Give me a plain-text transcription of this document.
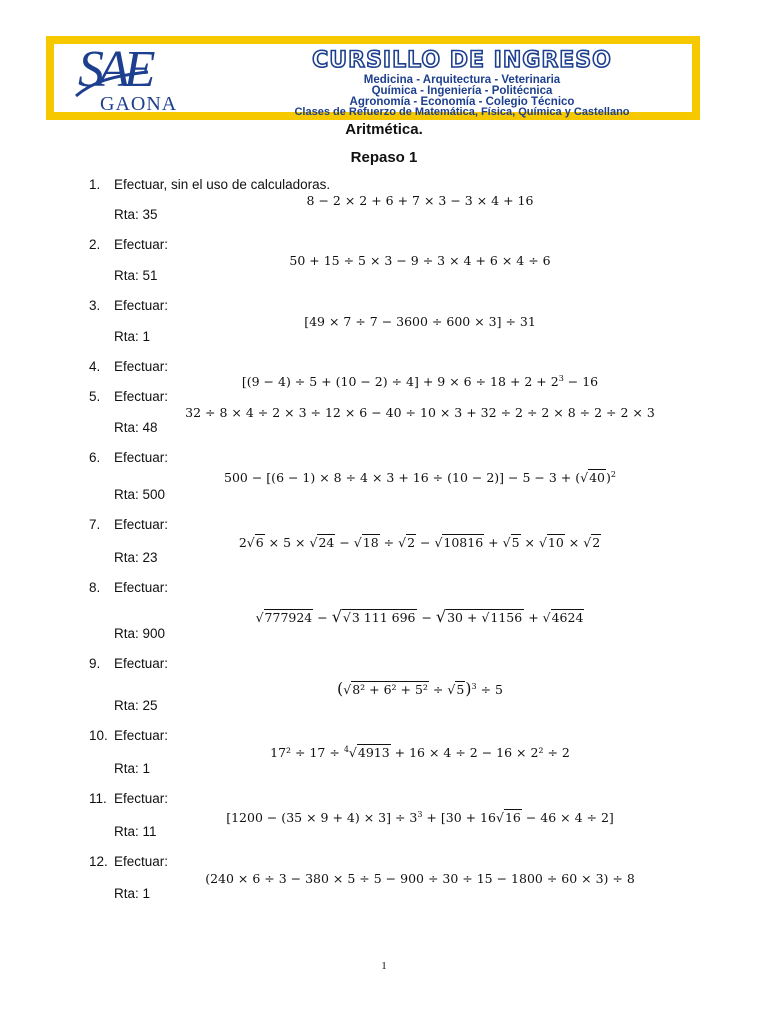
SAE
GAONA
CURSILLO DE INGRESO
Medicina - Arquitectura - Veterinaria
Química - Ingeniería - Politécnica
Agronomía - Economía - Colegio Técnico
Clases de Refuerzo de Matemática, Física, Química y Castellano
Aritmética.
Repaso 1
1.	Efectuar, sin el uso de calculadoras.
8 − 2 × 2 + 6 + 7 × 3 − 3 × 4 + 16
Rta: 35
2.	Efectuar:
50 + 15 ÷ 5 × 3 − 9 ÷ 3 × 4 + 6 × 4 ÷ 6
Rta: 51
3.	Efectuar:
[49 × 7 ÷ 7 − 3600 ÷ 600 × 3] ÷ 31
Rta: 1
4.	Efectuar:
$[(9 - 4) \div 5 + (10 - 2) \div 4] + 9 \times 6 \div 18 + 2 + 2^3 - 16$
5.	Efectuar:
32 ÷ 8 × 4 ÷ 2 × 3 ÷ 12 × 6 − 40 ÷ 10 × 3 + 32 ÷ 2 ÷ 2 × 8 ÷ 2 ÷ 2 × 3
Rta: 48
6.	Efectuar:
$500 - [(6 - 1) \times 8 \div 4 \times 3 + 16 \div (10 - 2)] - 5 - 3 + (√40)^2$
Rta: 500
7.	Efectuar:
2√6 × 5 × √24 − √18 ÷ √2 − √10816 + √5 × √10 × √2
Rta: 23
8.	Efectuar:
√777924 − √√3 111 696 − √30 + √1156 + √4624
Rta: 900
9.	Efectuar:
$(√8^2 + 6^2 + 5^2 \div √5)^3 \div 5$
Rta: 25
10. Efectuar:
17² ÷ 17 ÷ $^4$√4913 + 16 × 4 ÷ 2 − 16 × 2² ÷ 2
Rta: 1
11. Efectuar:
$[1200 - (35 \times 9 + 4) \times 3] \div 3^3 + [30 + 16√16 - 46 \times 4 \div 2]$
Rta: 11
12. Efectuar:
(240 × 6 ÷ 3 − 380 × 5 ÷ 5 − 900 ÷ 30 ÷ 15 − 1800 ÷ 60 × 3) ÷ 8
Rta: 1
1
